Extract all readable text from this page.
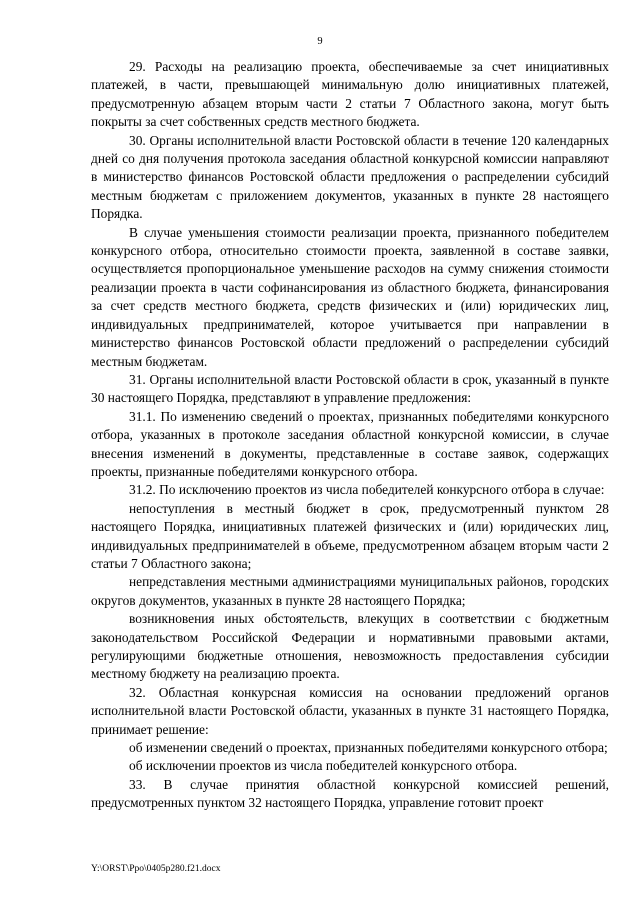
9

29. Расходы на реализацию проекта, обеспечиваемые за счет инициативных платежей, в части, превышающей минимальную долю инициативных платежей, предусмотренную абзацем вторым части 2 статьи 7 Областного закона, могут быть покрыты за счет собственных средств местного бюджета.

30. Органы исполнительной власти Ростовской области в течение 120 календарных дней со дня получения протокола заседания областной конкурсной комиссии направляют в министерство финансов Ростовской области предложения о распределении субсидий местным бюджетам с приложением документов, указанных в пункте 28 настоящего Порядка.

В случае уменьшения стоимости реализации проекта, признанного победителем конкурсного отбора, относительно стоимости проекта, заявленной в составе заявки, осуществляется пропорциональное уменьшение расходов на сумму снижения стоимости реализации проекта в части софинансирования из областного бюджета, финансирования за счет средств местного бюджета, средств физических и (или) юридических лиц, индивидуальных предпринимателей, которое учитывается при направлении в министерство финансов Ростовской области предложений о распределении субсидий местным бюджетам.

31. Органы исполнительной власти Ростовской области в срок, указанный в пункте 30 настоящего Порядка, представляют в управление предложения:

31.1. По изменению сведений о проектах, признанных победителями конкурсного отбора, указанных в протоколе заседания областной конкурсной комиссии, в случае внесения изменений в документы, представленные в составе заявок, содержащих проекты, признанные победителями конкурсного отбора.

31.2. По исключению проектов из числа победителей конкурсного отбора в случае:

непоступления в местный бюджет в срок, предусмотренный пунктом 28 настоящего Порядка, инициативных платежей физических и (или) юридических лиц, индивидуальных предпринимателей в объеме, предусмотренном абзацем вторым части 2 статьи 7 Областного закона;

непредставления местными администрациями муниципальных районов, городских округов документов, указанных в пункте 28 настоящего Порядка;

возникновения иных обстоятельств, влекущих в соответствии с бюджетным законодательством Российской Федерации и нормативными правовыми актами, регулирующими бюджетные отношения, невозможность предоставления субсидии местному бюджету на реализацию проекта.

32. Областная конкурсная комиссия на основании предложений органов исполнительной власти Ростовской области, указанных в пункте 31 настоящего Порядка, принимает решение:

об изменении сведений о проектах, признанных победителями конкурсного отбора;

об исключении проектов из числа победителей конкурсного отбора.

33. В случае принятия областной конкурсной комиссией решений, предусмотренных пунктом 32 настоящего Порядка, управление готовит проект

Y:\ORST\Ppo\0405p280.f21.docx
